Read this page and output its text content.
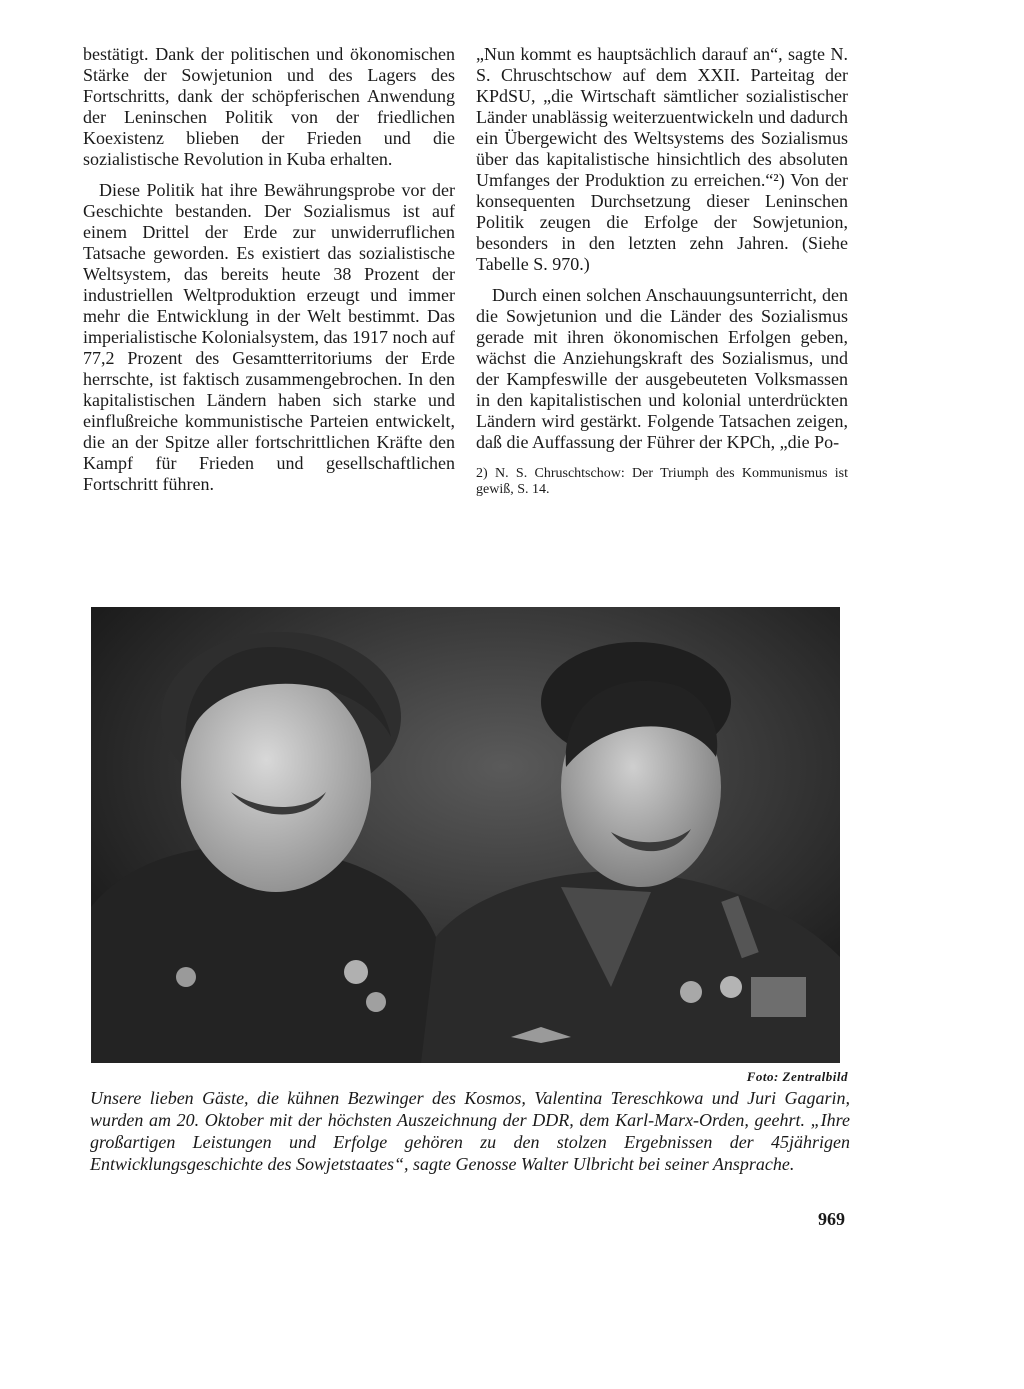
bestätigt. Dank der politischen und ökonomischen Stärke der Sowjetunion und des Lagers des Fortschritts, dank der schöpferischen Anwendung der Leninschen Politik von der friedlichen Koexistenz blieben der Frieden und die sozialistische Revolution in Kuba erhalten.

Diese Politik hat ihre Bewährungsprobe vor der Geschichte bestanden. Der Sozialismus ist auf einem Drittel der Erde zur unwiderruflichen Tatsache geworden. Es existiert das sozialistische Weltsystem, das bereits heute 38 Prozent der industriellen Weltproduktion erzeugt und immer mehr die Entwicklung in der Welt bestimmt. Das imperialistische Kolonialsystem, das 1917 noch auf 77,2 Prozent des Gesamtterritoriums der Erde herrschte, ist faktisch zusammengebrochen. In den kapitalistischen Ländern haben sich starke und einflußreiche kommunistische Parteien entwickelt, die an der Spitze aller fortschrittlichen Kräfte den Kampf für Frieden und gesellschaftlichen Fortschritt führen.

„Nun kommt es hauptsächlich darauf an“, sagte N. S. Chruschtschow auf dem XXII. Parteitag der KPdSU, „die Wirtschaft sämtlicher sozialistischer Länder unablässig weiterzuentwickeln und dadurch ein Übergewicht des Weltsystems des Sozialismus über das kapitalistische hinsichtlich des absoluten Umfanges der Produktion zu erreichen.“²) Von der konsequenten Durchsetzung dieser Leninschen Politik zeugen die Erfolge der Sowjetunion, besonders in den letzten zehn Jahren. (Siehe Tabelle S. 970.)

Durch einen solchen Anschauungsunterricht, den die Sowjetunion und die Länder des Sozialismus gerade mit ihren ökonomischen Erfolgen geben, wächst die Anziehungskraft des Sozialismus, und der Kampfeswille der ausgebeuteten Volksmassen in den kapitalistischen und kolonial unterdrückten Ländern wird gestärkt. Folgende Tatsachen zeigen, daß die Auffassung der Führer der KPCh, „die Po-

2) N. S. Chruschtschow: Der Triumph des Kommunismus ist gewiß, S. 14.
Foto: Zentralbild
Unsere lieben Gäste, die kühnen Bezwinger des Kosmos, Valentina Tereschkowa und Juri Gagarin, wurden am 20. Oktober mit der höchsten Auszeichnung der DDR, dem Karl-Marx-Orden, geehrt. „Ihre großartigen Leistungen und Erfolge gehören zu den stolzen Ergebnissen der 45jährigen Entwicklungsgeschichte des Sowjetstaates“, sagte Genosse Walter Ulbricht bei seiner Ansprache.
969
